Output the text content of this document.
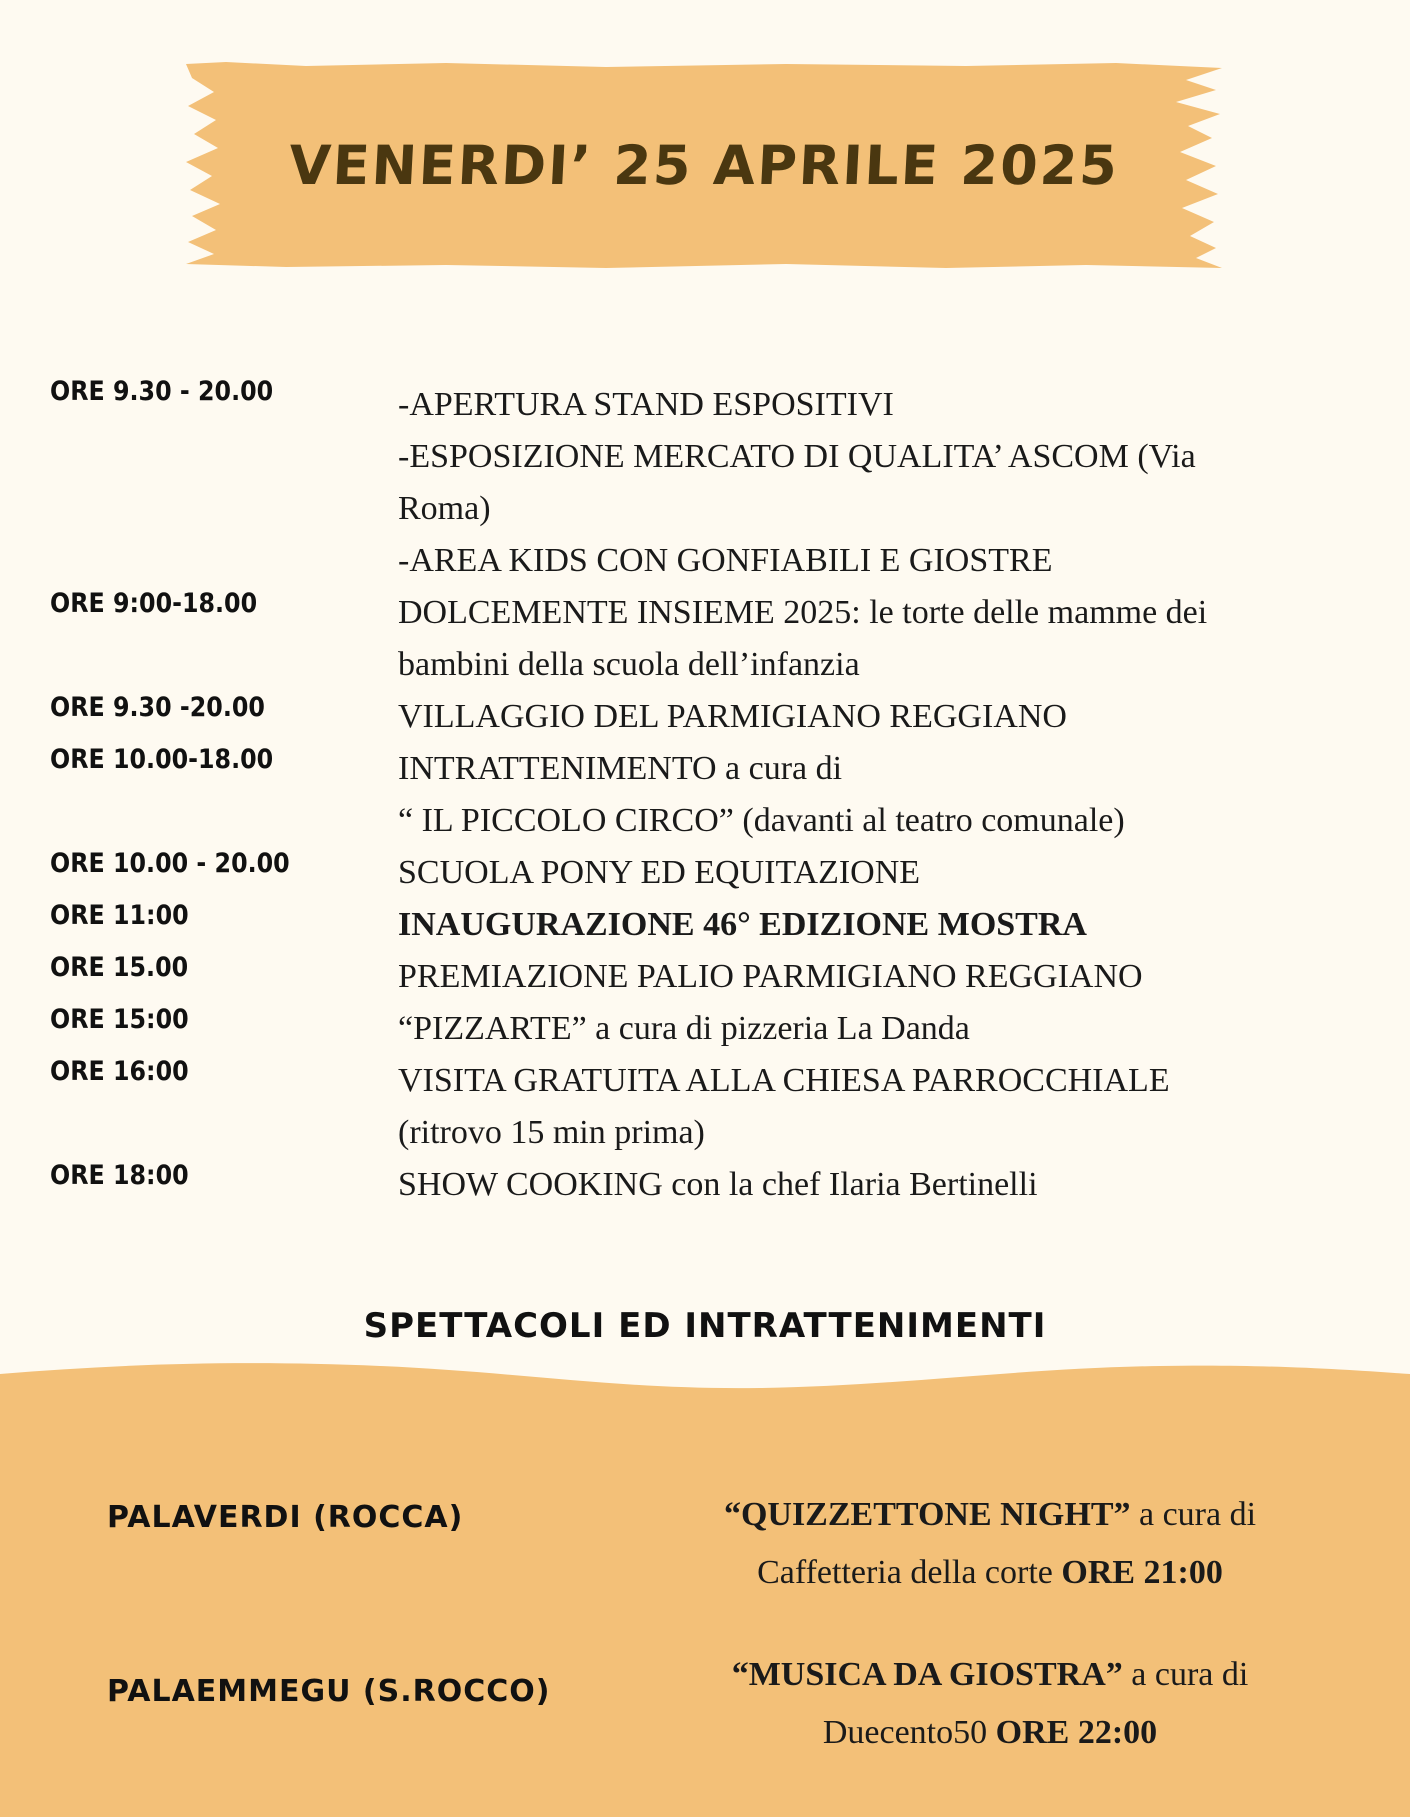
VENERDI’ 25 APRILE 2025
ORE 9.30 - 20.00
ORE 9:00-18.00
ORE 9.30 -20.00
ORE 10.00-18.00
ORE 10.00 - 20.00
ORE 11:00
ORE 15.00
ORE 15:00
ORE 16:00
ORE 18:00
-APERTURA STAND ESPOSITIVI
-ESPOSIZIONE MERCATO DI QUALITA’ ASCOM (Via
Roma)
-AREA KIDS CON GONFIABILI E GIOSTRE
DOLCEMENTE INSIEME 2025: le torte delle mamme dei
bambini della scuola dell’infanzia
VILLAGGIO DEL PARMIGIANO REGGIANO
INTRATTENIMENTO a cura di
“ IL PICCOLO CIRCO” (davanti al teatro comunale)
SCUOLA PONY ED EQUITAZIONE
INAUGURAZIONE 46° EDIZIONE MOSTRA
PREMIAZIONE PALIO PARMIGIANO REGGIANO
“PIZZARTE” a cura di pizzeria La Danda
VISITA GRATUITA ALLA CHIESA PARROCCHIALE
(ritrovo 15 min prima)
SHOW COOKING con la chef Ilaria Bertinelli
SPETTACOLI ED INTRATTENIMENTI
PALAVERDI (ROCCA)	“QUIZZETTONE NIGHT” a cura di
Caffetteria della corte ORE 21:00
PALAEMMEGU (S.ROCCO)	“MUSICA DA GIOSTRA” a cura di
Duecento50 ORE 22:00
